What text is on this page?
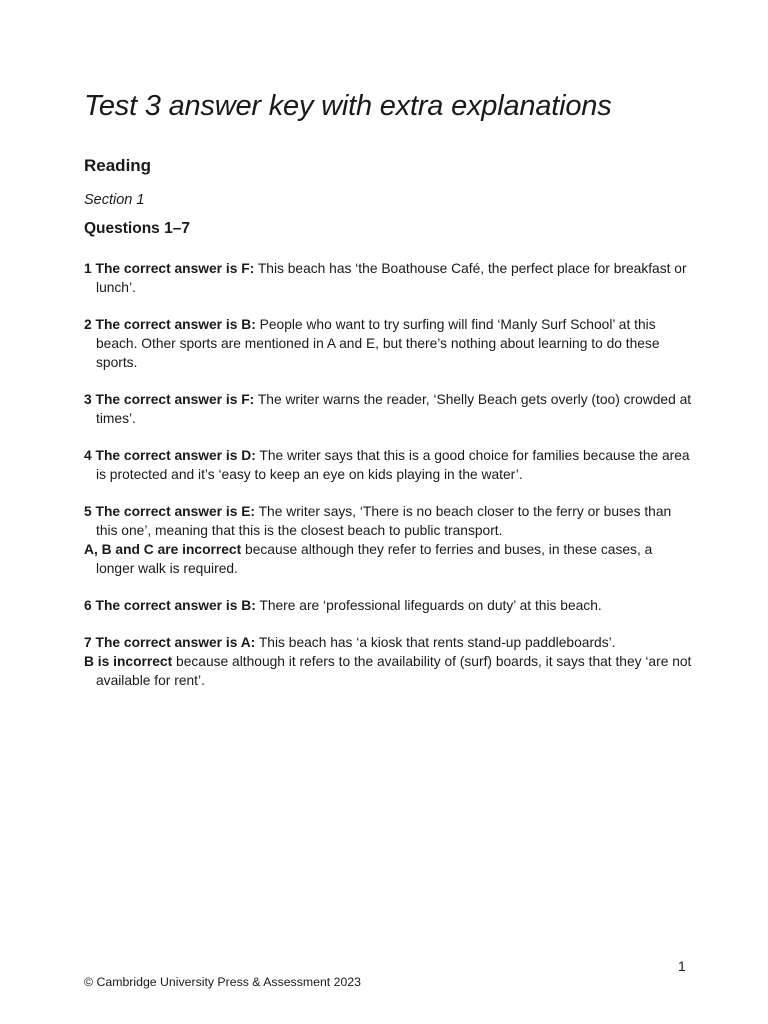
Test 3 answer key with extra explanations
Reading

Section 1

Questions 1–7
1 The correct answer is F: This beach has ‘the Boathouse Café, the perfect place for breakfast or lunch’.
2 The correct answer is B: People who want to try surfing will find ‘Manly Surf School’ at this beach. Other sports are mentioned in A and E, but there’s nothing about learning to do these sports.
3 The correct answer is F: The writer warns the reader, ‘Shelly Beach gets overly (too) crowded at times’.
4 The correct answer is D: The writer says that this is a good choice for families because the area is protected and it’s ‘easy to keep an eye on kids playing in the water’.
5 The correct answer is E: The writer says, ‘There is no beach closer to the ferry or buses than this one’, meaning that this is the closest beach to public transport.
A, B and C are incorrect because although they refer to ferries and buses, in these cases, a longer walk is required.
6 The correct answer is B: There are ‘professional lifeguards on duty’ at this beach.
7 The correct answer is A: This beach has ‘a kiosk that rents stand-up paddleboards’.
B is incorrect because although it refers to the availability of (surf) boards, it says that they ‘are not available for rent’.
1
© Cambridge University Press & Assessment 2023
